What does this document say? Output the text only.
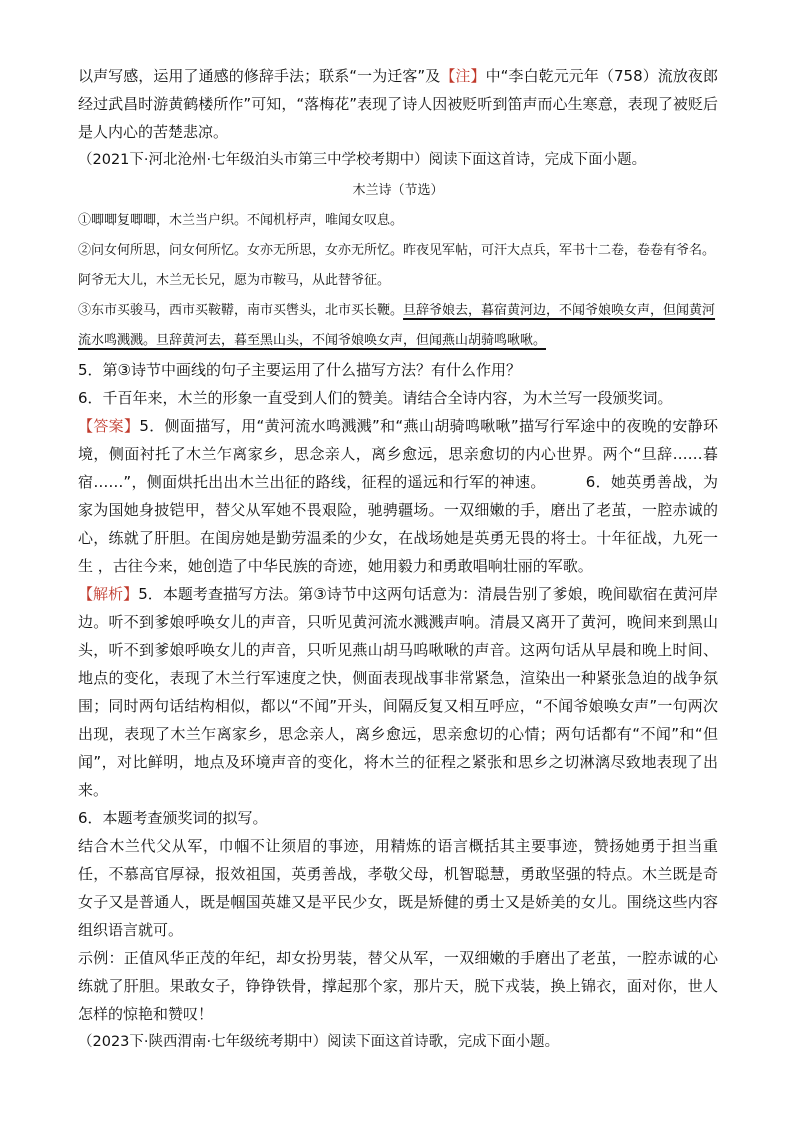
以声写感，运用了通感的修辞手法；联系“一为迁客”及【注】中“李白乾元元年（758）流放夜郎经过武昌时游黄鹤楼所作”可知，“落梅花”表现了诗人因被贬听到笛声而心生寒意，表现了被贬后是人内心的苦楚悲凉。

（2021下·河北沧州·七年级泊头市第三中学校考期中）阅读下面这首诗，完成下面小题。

木兰诗（节选）

①唧唧复唧唧，木兰当户织。不闻机杼声，唯闻女叹息。

②问女何所思，问女何所忆。女亦无所思，女亦无所忆。昨夜见军帖，可汗大点兵，军书十二卷，卷卷有爷名。阿爷无大儿，木兰无长兄，愿为市鞍马，从此替爷征。

③东市买骏马，西市买鞍鞯，南市买辔头，北市买长鞭。旦辞爷娘去，暮宿黄河边，不闻爷娘唤女声，但闻黄河流水鸣溅溅。旦辞黄河去，暮至黑山头，不闻爷娘唤女声，但闻燕山胡骑鸣啾啾。

5．第③诗节中画线的句子主要运用了什么描写方法？有什么作用？

6．千百年来，木兰的形象一直受到人们的赞美。请结合全诗内容，为木兰写一段颁奖词。

【答案】5．侧面描写，用“黄河流水鸣溅溅”和“燕山胡骑鸣啾啾”描写行军途中的夜晚的安静环境，侧面衬托了木兰乍离家乡，思念亲人，离乡愈远，思亲愈切的内心世界。两个“旦辞……暮宿……”，侧面烘托出出木兰出征的路线，征程的遥远和行军的神速。	6．她英勇善战，为家为国她身披铠甲，替父从军她不畏艰险，驰骋疆场。一双细嫩的手，磨出了老茧，一腔赤诚的心，练就了肝胆。在闺房她是勤劳温柔的少女，在战场她是英勇无畏的将士。十年征战，九死一生 ，古往今来，她创造了中华民族的奇迹，她用毅力和勇敢唱响壮丽的军歌。

【解析】5．本题考查描写方法。第③诗节中这两句话意为：清晨告别了爹娘，晚间歇宿在黄河岸边。听不到爹娘呼唤女儿的声音，只听见黄河流水溅溅声响。清晨又离开了黄河，晚间来到黑山头，听不到爹娘呼唤女儿的声音，只听见燕山胡马呜啾啾的声音。这两句话从早晨和晚上时间、地点的变化，表现了木兰行军速度之快，侧面表现战事非常紧急，渲染出一种紧张急迫的战争氛围；同时两句话结构相似，都以“不闻”开头，间隔反复又相互呼应，“不闻爷娘唤女声”一句两次出现，表现了木兰乍离家乡，思念亲人，离乡愈远，思亲愈切的心情；两句话都有“不闻”和“但闻”，对比鲜明，地点及环境声音的变化，将木兰的征程之紧张和思乡之切淋漓尽致地表现了出来。

6．本题考查颁奖词的拟写。

结合木兰代父从军，巾帼不让须眉的事迹，用精炼的语言概括其主要事迹，赞扬她勇于担当重任，不慕高官厚禄，报效祖国，英勇善战，孝敬父母，机智聪慧，勇敢坚强的特点。木兰既是奇女子又是普通人，既是帼国英雄又是平民少女，既是矫健的勇士又是娇美的女儿。围绕这些内容组织语言就可。

示例：正值风华正茂的年纪，却女扮男装，替父从军，一双细嫩的手磨出了老茧，一腔赤诚的心练就了肝胆。果敢女子，铮铮铁骨，撑起那个家，那片天，脱下戎装，换上锦衣，面对你，世人怎样的惊艳和赞叹！

（2023下·陕西渭南·七年级统考期中）阅读下面这首诗歌，完成下面小题。
